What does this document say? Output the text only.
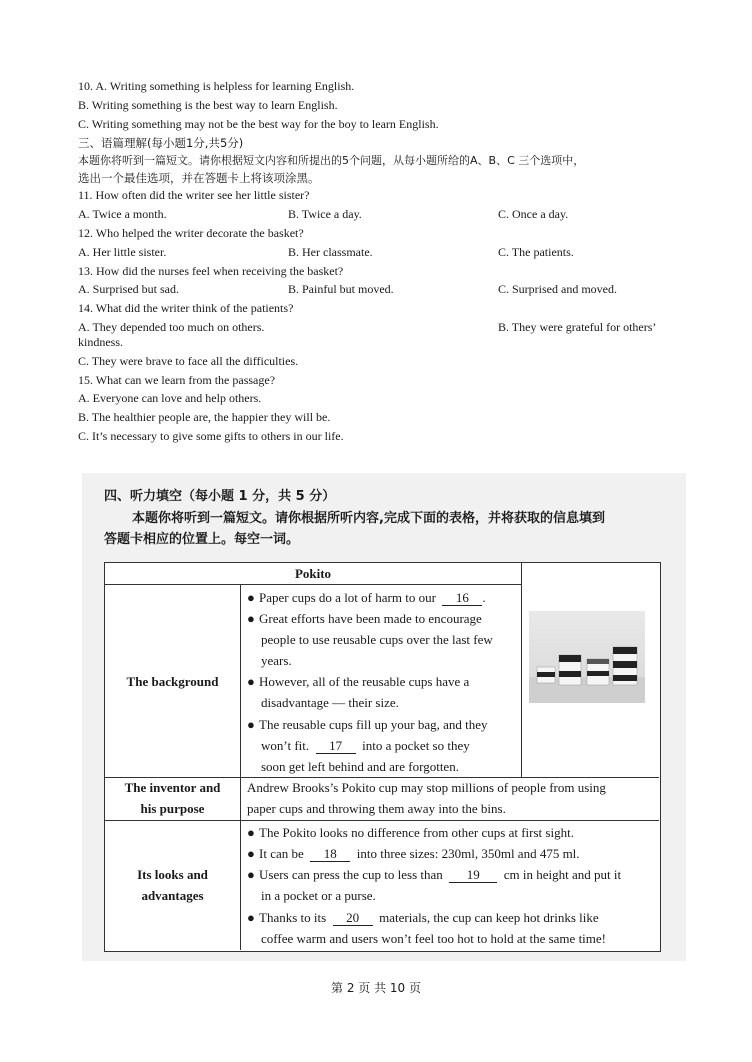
10. A. Writing something is helpless for learning English.
B. Writing something is the best way to learn English.
C. Writing something may not be the best way for the boy to learn English.
三、语篇理解(每小题1分,共5分)
本题你将听到一篇短文。请你根据短文内容和所提出的5个问题，从每小题所给的A、B、C 三个选项中，
选出一个最佳选项，并在答题卡上将该项涂黑。
11. How often did the writer see her little sister?
A. Twice a month.	B. Twice a day.	C. Once a day.
12. Who helped the writer decorate the basket?
A. Her little sister.	B. Her classmate.	C. The patients.
13. How did the nurses feel when receiving the basket?
A. Surprised but sad.	B. Painful but moved.	C. Surprised and moved.
14. What did the writer think of the patients?
A. They depended too much on others.	B. They were grateful for others’
kindness.
C. They were brave to face all the difficulties.
15. What can we learn from the passage?
A. Everyone can love and help others.
B. The healthier people are, the happier they will be.
C. It’s necessary to give some gifts to others in our life.
四、听力填空（每小题 1 分，共 5 分）
本题你将听到一篇短文。请你根据所听内容,完成下面的表格，并将获取的信息填到
答题卡相应的位置上。每空一词。
Pokito
The background
● Paper cups do a lot of harm to our 16 .
● Great efforts have been made to encourage
people to use reusable cups over the last few
years.
● However, all of the reusable cups have a
disadvantage — their size.
● The reusable cups fill up your bag, and they
won’t fit. 17 into a pocket so they
soon get left behind and are forgotten.
The inventor and
his purpose
Andrew Brooks’s Pokito cup may stop millions of people from using
paper cups and throwing them away into the bins.
Its looks and
advantages
● The Pokito looks no difference from other cups at first sight.
● It can be 18 into three sizes: 230ml, 350ml and 475 ml.
● Users can press the cup to less than 19 cm in height and put it
in a pocket or a purse.
● Thanks to its 20 materials, the cup can keep hot drinks like
coffee warm and users won’t feel too hot to hold at the same time!
第 2 页 共 10 页
